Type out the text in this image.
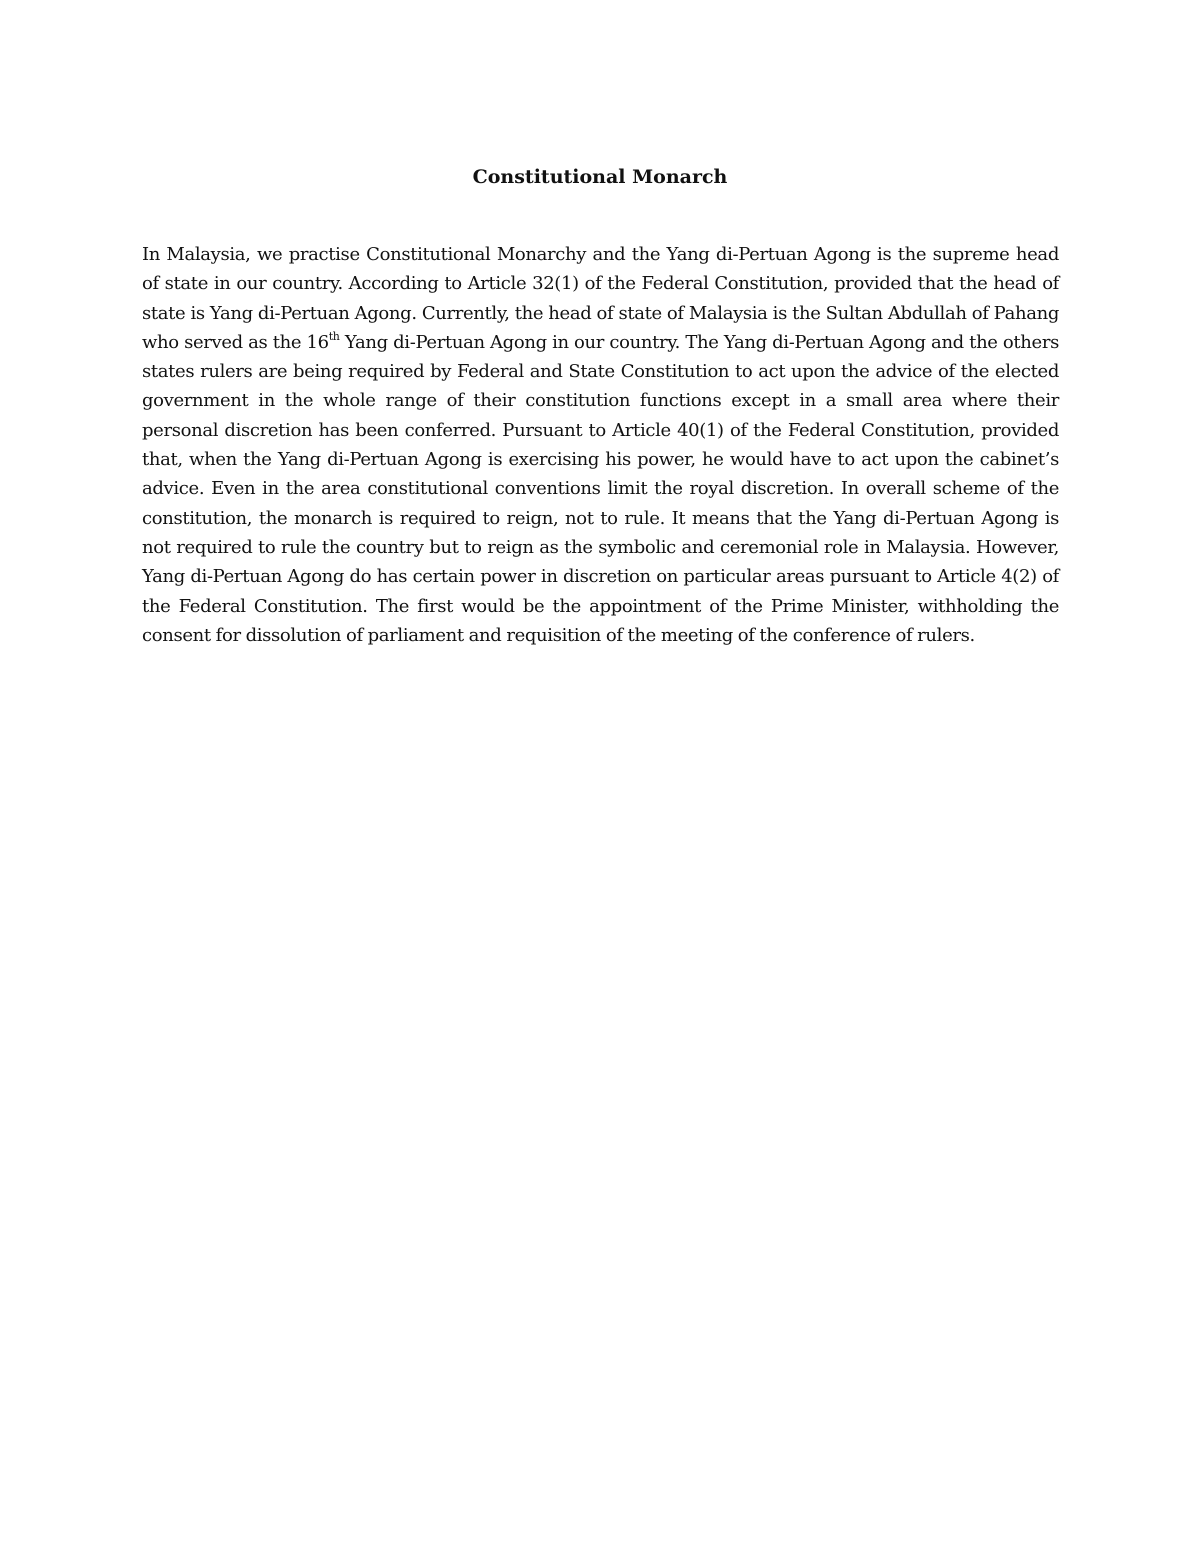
Constitutional Monarch

In Malaysia, we practise Constitutional Monarchy and the Yang di-Pertuan Agong is the supreme head of state in our country. According to Article 32(1) of the Federal Constitution, provided that the head of state is Yang di-Pertuan Agong. Currently, the head of state of Malaysia is the Sultan Abdullah of Pahang who served as the 16th Yang di-Pertuan Agong in our country. The Yang di-Pertuan Agong and the others states rulers are being required by Federal and State Constitution to act upon the advice of the elected government in the whole range of their constitution functions except in a small area where their personal discretion has been conferred. Pursuant to Article 40(1) of the Federal Constitution, provided that, when the Yang di-Pertuan Agong is exercising his power, he would have to act upon the cabinet’s advice. Even in the area constitutional conventions limit the royal discretion. In overall scheme of the constitution, the monarch is required to reign, not to rule. It means that the Yang di-Pertuan Agong is not required to rule the country but to reign as the symbolic and ceremonial role in Malaysia. However, Yang di-Pertuan Agong do has certain power in discretion on particular areas pursuant to Article 4(2) of the Federal Constitution. The first would be the appointment of the Prime Minister, withholding the consent for dissolution of parliament and requisition of the meeting of the conference of rulers.
